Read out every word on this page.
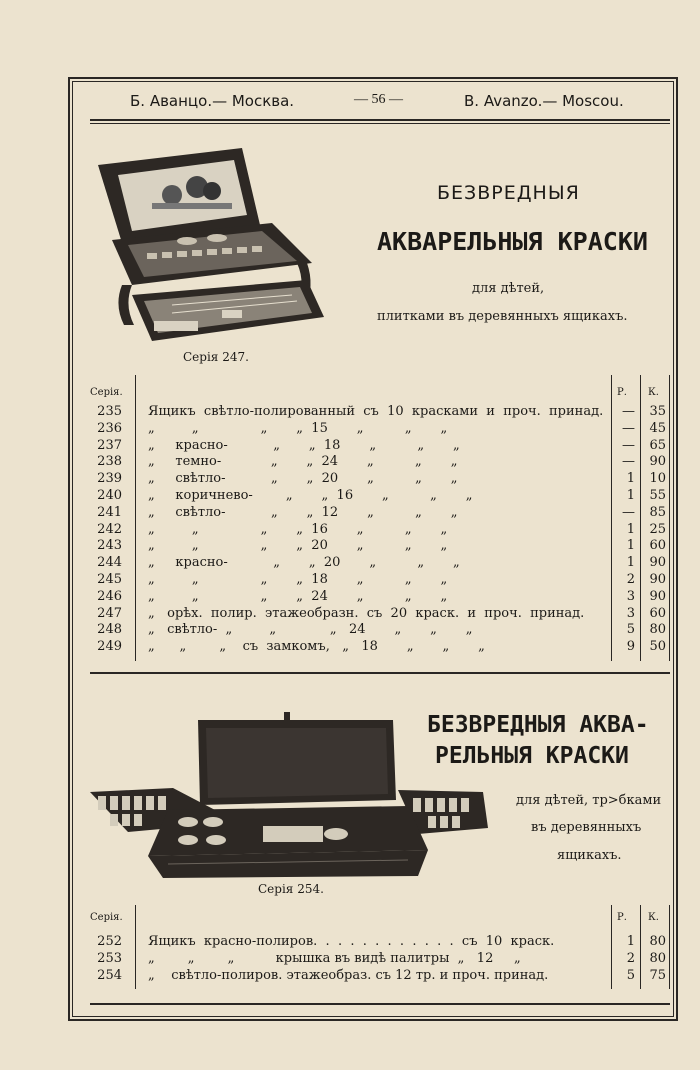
Б. Аванцо.— Москва.	— 56 —	B. Avanzo.— Moscou.
БЕЗВРЕДНЫЯ
АКВАРЕЛЬНЫЯ КРАСКИ
для дѣтей,
плитками въ деревянныхъ ящикахъ.
Серія 247.
Серія.	Р. К.
235 Ящикъ  свѣтло-полированный  съ  10  красками  и  проч.  принад. — 35
236 „         „               „       „  15       „          „       „	— 45
237 „     красно-           „       „  18       „          „       „	— 65
238 „     темно-            „       „  24       „          „       „	— 90
239 „     свѣтло-           „       „  20       „          „       „	1 10
240 „     коричнево-        „       „  16       „          „       „	1 55
241 „     свѣтло-           „       „  12       „          „       „	— 85
242 „         „               „       „  16       „          „       „	1 25
243 „         „               „       „  20       „          „       „	1 60
244 „     красно-           „       „  20       „          „       „	1 90
245 „         „               „       „  18       „          „       „	2 90
246 „         „               „       „  24       „          „       „	3 90
247 „   орѣх.  полир.  этажеобразн.  съ  20  краск.  и  проч.  принад.	3 60
248 „   свѣтло-  „         „             „   24       „       „       „	5 80
249 „      „        „    съ  замкомъ,   „   18       „       „       „	9 50
БЕЗВРЕДНЫЯ АКВА-
РЕЛЬНЫЯ КРАСКИ
для дѣтей, тр>бками
въ деревянныхъ
ящикахъ.
Серія 254.
Серія.	Р. К.
252 Ящикъ  красно-полиров.  .  .  .  .  .  .  .  .  .  .  .  съ  10  краск.	1 80
253 „        „        „          крышка въ видѣ палитры  „   12     „	2 80
254 „    свѣтло-полиров. этажеобраз. съ 12 тр. и проч. принад.	5 75
